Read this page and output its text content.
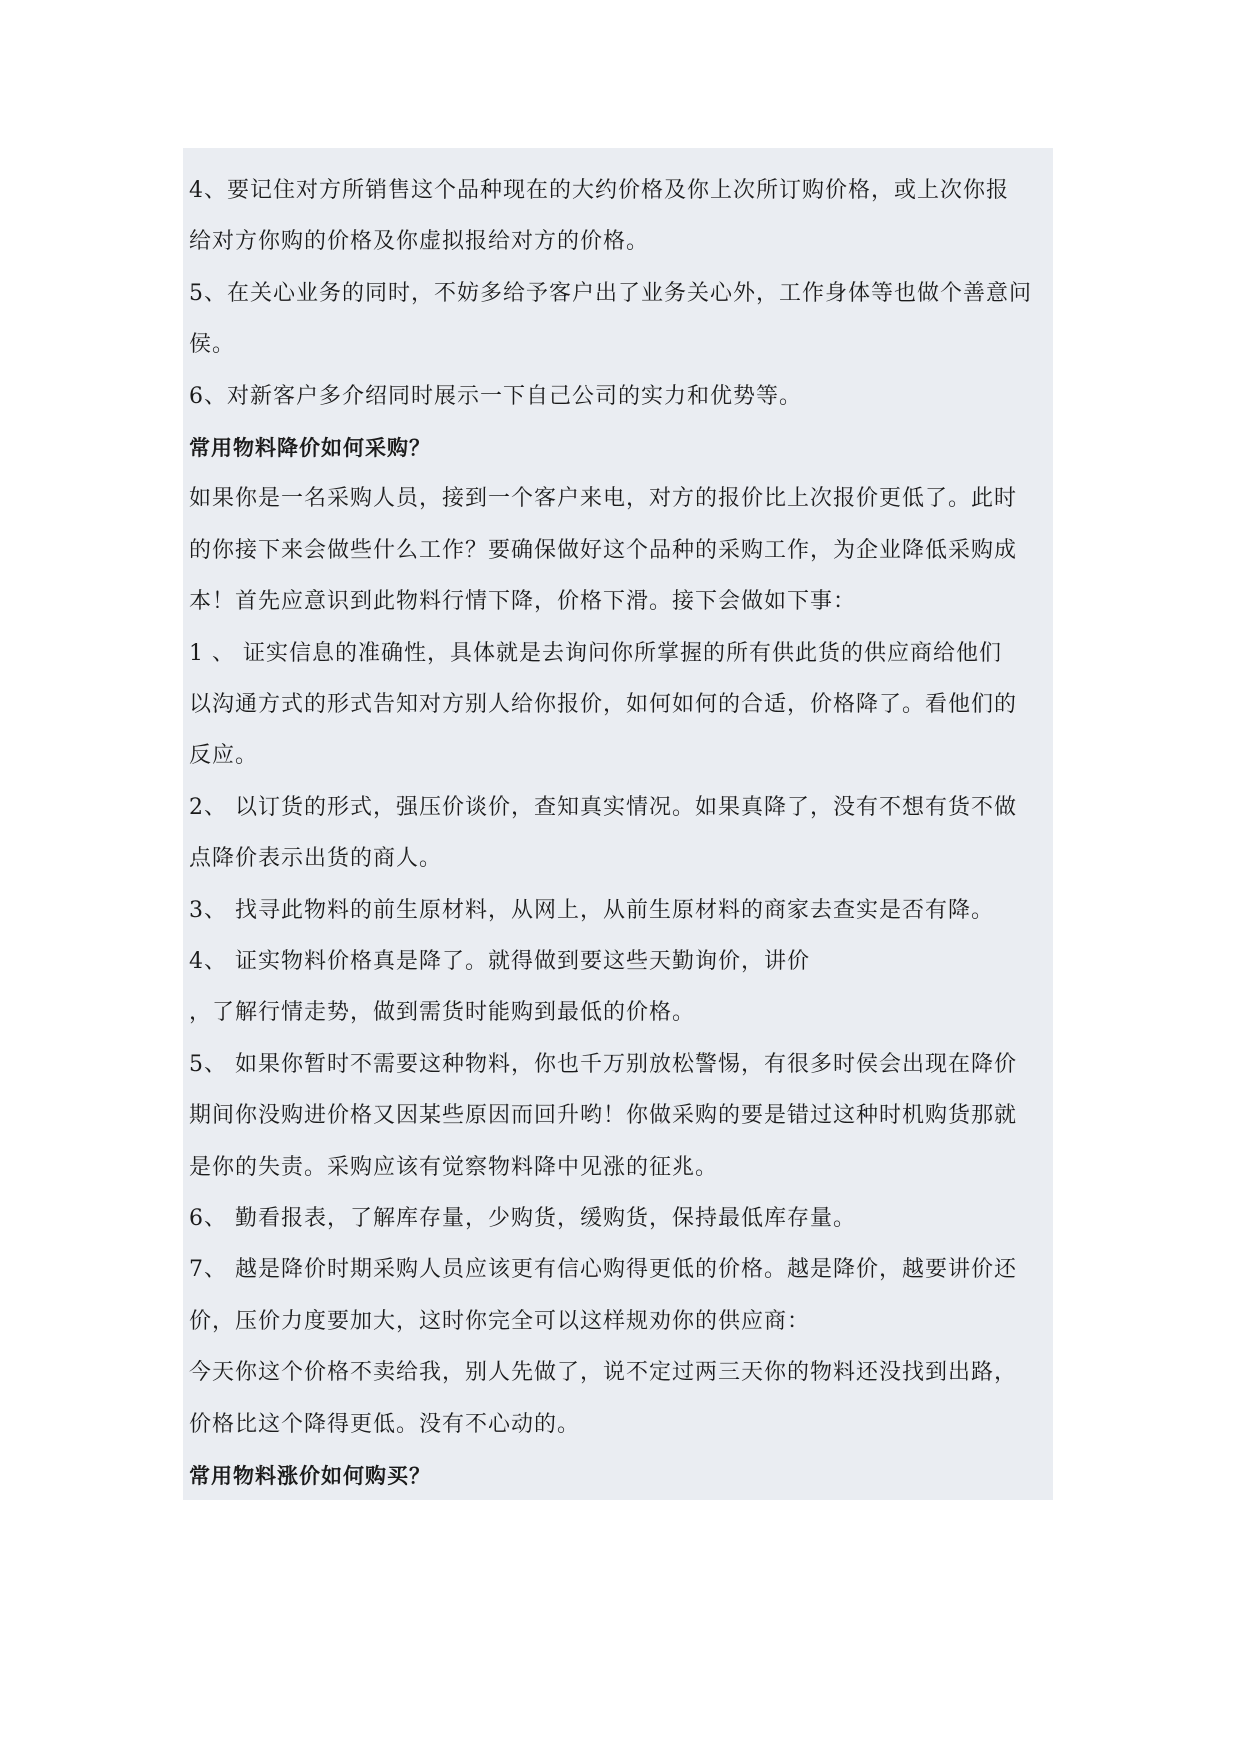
4、要记住对方所销售这个品种现在的大约价格及你上次所订购价格，或上次你报
给对方你购的价格及你虚拟报给对方的价格。
5、在关心业务的同时，不妨多给予客户出了业务关心外，工作身体等也做个善意问
侯。
6、对新客户多介绍同时展示一下自己公司的实力和优势等。
常用物料降价如何采购？
如果你是一名采购人员，接到一个客户来电，对方的报价比上次报价更低了。此时
的你接下来会做些什么工作？要确保做好这个品种的采购工作，为企业降低采购成
本！首先应意识到此物料行情下降，价格下滑。接下会做如下事：
1 、 证实信息的准确性，具体就是去询问你所掌握的所有供此货的供应商给他们
以沟通方式的形式告知对方别人给你报价，如何如何的合适，价格降了。看他们的
反应。
2、 以订货的形式，强压价谈价，查知真实情况。如果真降了，没有不想有货不做
点降价表示出货的商人。
3、 找寻此物料的前生原材料，从网上，从前生原材料的商家去查实是否有降。
4、 证实物料价格真是降了。就得做到要这些天勤询价，讲价
，了解行情走势，做到需货时能购到最低的价格。
5、 如果你暂时不需要这种物料，你也千万别放松警惕，有很多时侯会出现在降价
期间你没购进价格又因某些原因而回升哟！你做采购的要是错过这种时机购货那就
是你的失责。采购应该有觉察物料降中见涨的征兆。
6、 勤看报表，了解库存量，少购货，缓购货，保持最低库存量。
7、 越是降价时期采购人员应该更有信心购得更低的价格。越是降价，越要讲价还
价，压价力度要加大，这时你完全可以这样规劝你的供应商：
今天你这个价格不卖给我，别人先做了，说不定过两三天你的物料还没找到出路，
价格比这个降得更低。没有不心动的。
常用物料涨价如何购买？
